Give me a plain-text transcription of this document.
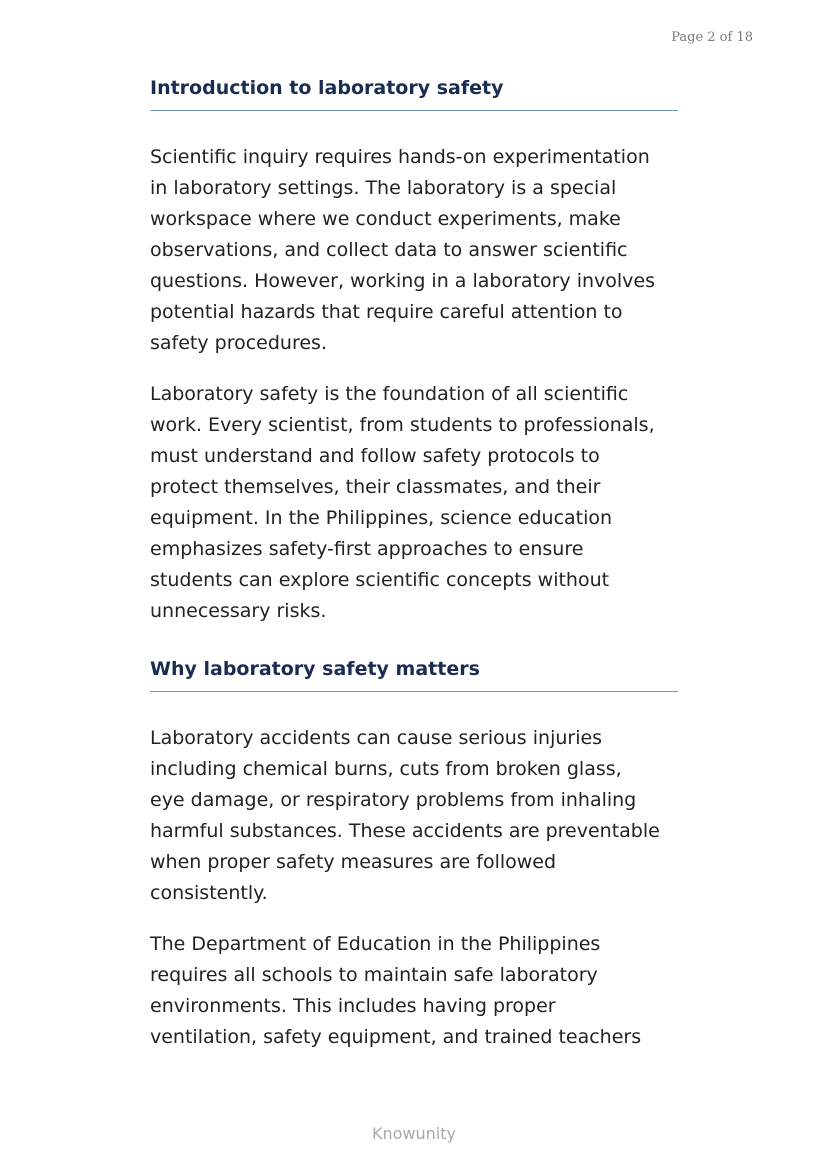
Page 2 of 18

Introduction to laboratory safety

Scientific inquiry requires hands-on experimentation
in laboratory settings. The laboratory is a special
workspace where we conduct experiments, make
observations, and collect data to answer scientific
questions. However, working in a laboratory involves
potential hazards that require careful attention to
safety procedures.

Laboratory safety is the foundation of all scientific
work. Every scientist, from students to professionals,
must understand and follow safety protocols to
protect themselves, their classmates, and their
equipment. In the Philippines, science education
emphasizes safety-first approaches to ensure
students can explore scientific concepts without
unnecessary risks.

Why laboratory safety matters

Laboratory accidents can cause serious injuries
including chemical burns, cuts from broken glass,
eye damage, or respiratory problems from inhaling
harmful substances. These accidents are preventable
when proper safety measures are followed
consistently.

The Department of Education in the Philippines
requires all schools to maintain safe laboratory
environments. This includes having proper
ventilation, safety equipment, and trained teachers

Knowunity
